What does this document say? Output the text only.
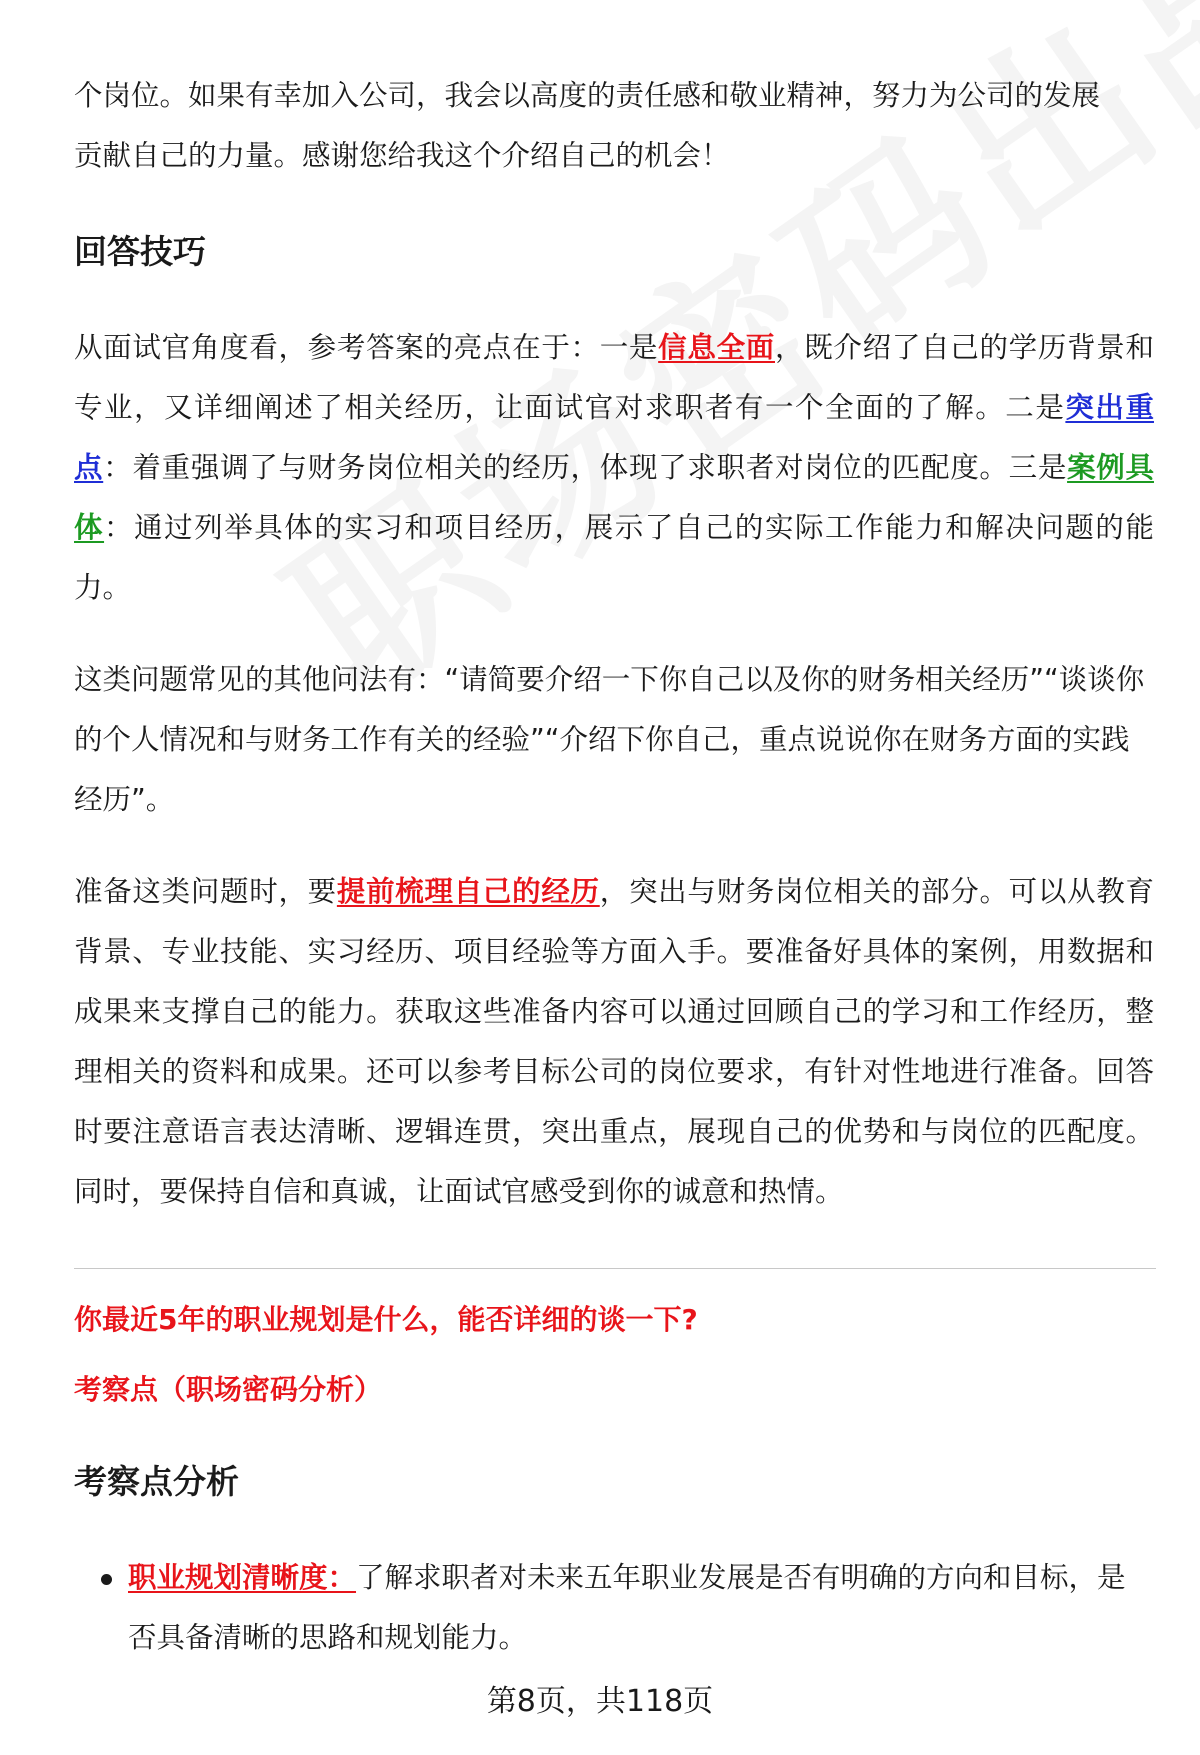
个岗位。如果有幸加入公司，我会以高度的责任感和敬业精神，努力为公司的发展
贡献自己的力量。感谢您给我这个介绍自己的机会！

回答技巧

从面试官角度看，参考答案的亮点在于：一是信息全面，既介绍了自己的学历背景和专业，又详细阐述了相关经历，让面试官对求职者有一个全面的了解。二是突出重点：着重强调了与财务岗位相关的经历，体现了求职者对岗位的匹配度。三是案例具体：通过列举具体的实习和项目经历，展示了自己的实际工作能力和解决问题的能力。

这类问题常见的其他问法有：“请简要介绍一下你自己以及你的财务相关经历”“谈谈你的个人情况和与财务工作有关的经验”“介绍下你自己，重点说说你在财务方面的实践经历”。

准备这类问题时，要提前梳理自己的经历，突出与财务岗位相关的部分。可以从教育背景、专业技能、实习经历、项目经验等方面入手。要准备好具体的案例，用数据和成果来支撑自己的能力。获取这些准备内容可以通过回顾自己的学习和工作经历，整理相关的资料和成果。还可以参考目标公司的岗位要求，有针对性地进行准备。回答时要注意语言表达清晰、逻辑连贯，突出重点，展现自己的优势和与岗位的匹配度。同时，要保持自信和真诚，让面试官感受到你的诚意和热情。

你最近5年的职业规划是什么，能否详细的谈一下?

考察点（职场密码分析）

考察点分析

职业规划清晰度：了解求职者对未来五年职业发展是否有明确的方向和目标，是否具备清晰的思路和规划能力。

第8页，共118页
